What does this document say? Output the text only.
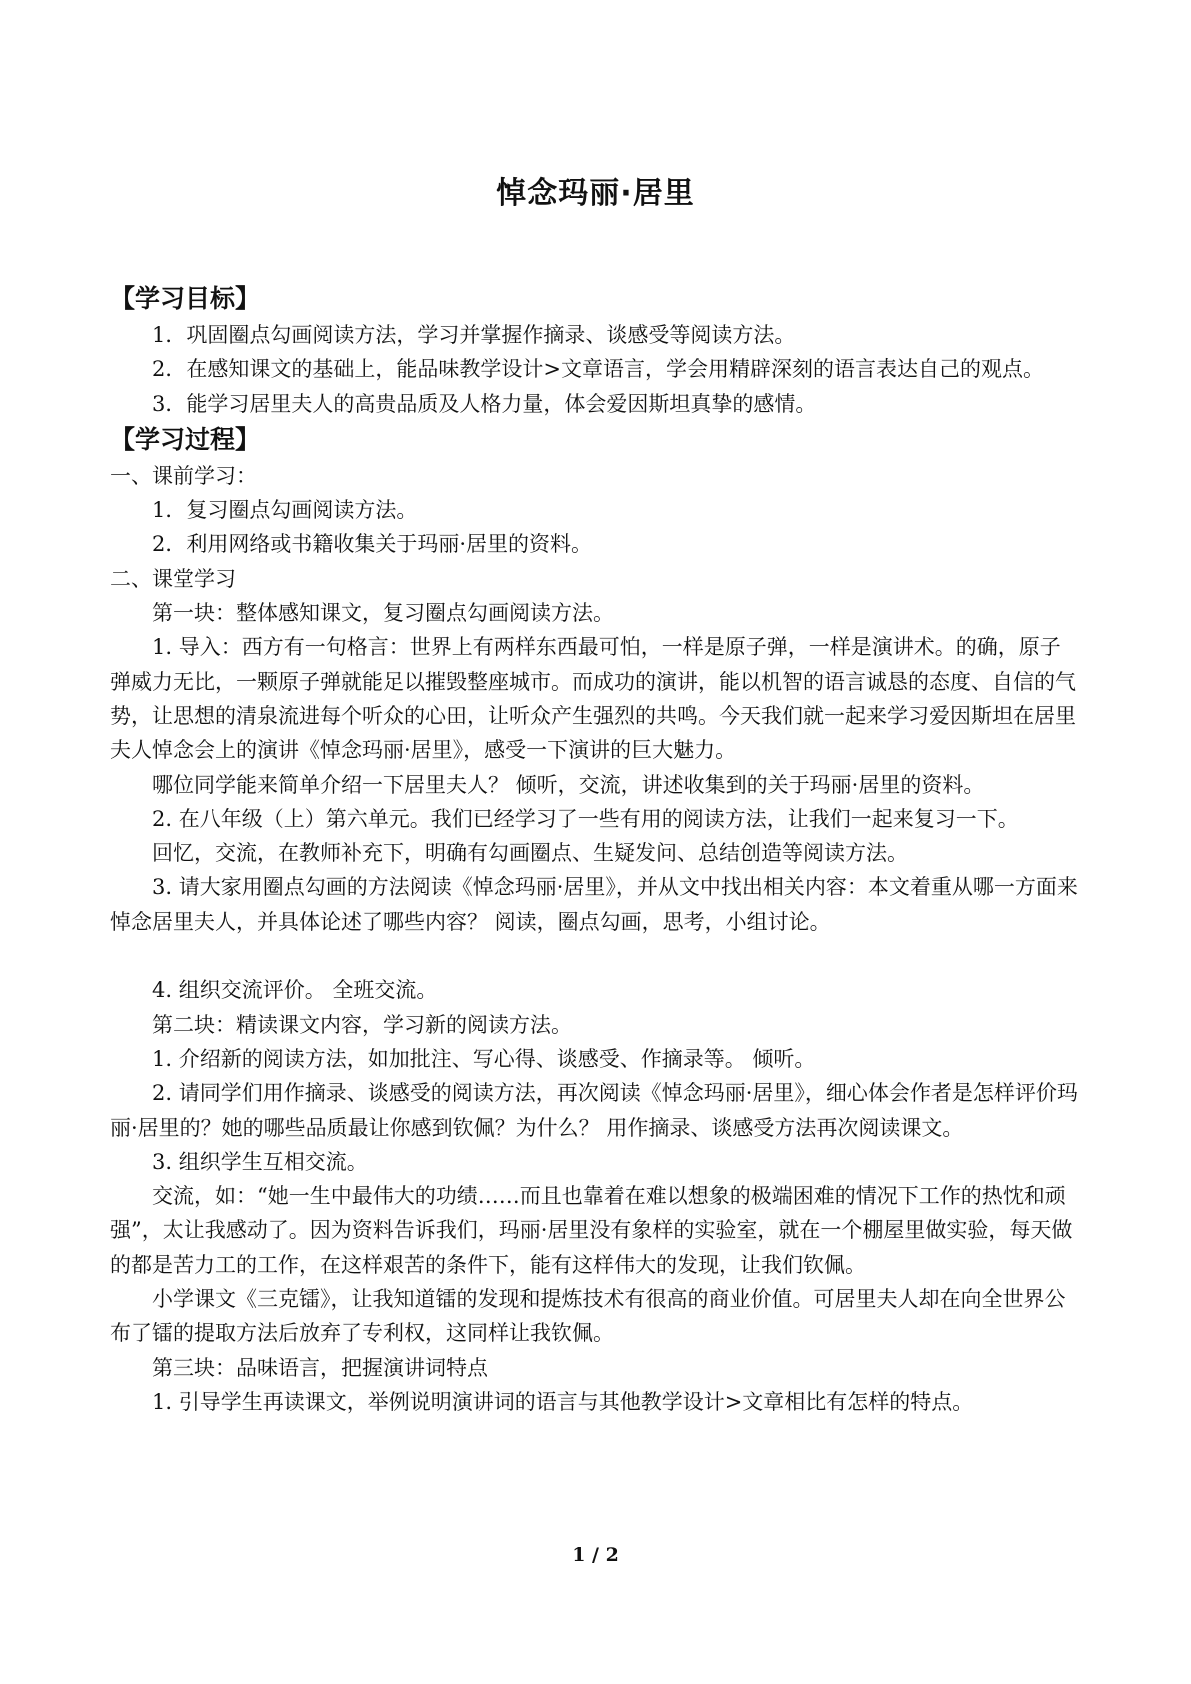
悼念玛丽·居里

【学习目标】

1．巩固圈点勾画阅读方法，学习并掌握作摘录、谈感受等阅读方法。

2．在感知课文的基础上，能品味教学设计>文章语言，学会用精辟深刻的语言表达自己的观点。

3．能学习居里夫人的高贵品质及人格力量，体会爱因斯坦真挚的感情。

【学习过程】

一、课前学习：

1．复习圈点勾画阅读方法。

2．利用网络或书籍收集关于玛丽·居里的资料。

二、课堂学习

第一块：整体感知课文，复习圈点勾画阅读方法。

1. 导入：西方有一句格言：世界上有两样东西最可怕，一样是原子弹，一样是演讲术。的确，原子弹威力无比，一颗原子弹就能足以摧毁整座城市。而成功的演讲，能以机智的语言诚恳的态度、自信的气势，让思想的清泉流进每个听众的心田，让听众产生强烈的共鸣。今天我们就一起来学习爱因斯坦在居里夫人悼念会上的演讲《悼念玛丽·居里》，感受一下演讲的巨大魅力。

哪位同学能来简单介绍一下居里夫人？ 倾听，交流，讲述收集到的关于玛丽·居里的资料。

2. 在八年级（上）第六单元。我们已经学习了一些有用的阅读方法，让我们一起来复习一下。

回忆，交流，在教师补充下，明确有勾画圈点、生疑发问、总结创造等阅读方法。

3. 请大家用圈点勾画的方法阅读《悼念玛丽·居里》，并从文中找出相关内容：本文着重从哪一方面来悼念居里夫人，并具体论述了哪些内容？ 阅读，圈点勾画，思考，小组讨论。

4. 组织交流评价。 全班交流。

第二块：精读课文内容，学习新的阅读方法。

1. 介绍新的阅读方法，如加批注、写心得、谈感受、作摘录等。 倾听。

2. 请同学们用作摘录、谈感受的阅读方法，再次阅读《悼念玛丽·居里》，细心体会作者是怎样评价玛丽·居里的？她的哪些品质最让你感到钦佩？为什么？ 用作摘录、谈感受方法再次阅读课文。

3. 组织学生互相交流。

交流，如：“她一生中最伟大的功绩……而且也靠着在难以想象的极端困难的情况下工作的热忱和顽强”，太让我感动了。因为资料告诉我们，玛丽·居里没有象样的实验室，就在一个棚屋里做实验，每天做的都是苦力工的工作，在这样艰苦的条件下，能有这样伟大的发现，让我们钦佩。

小学课文《三克镭》，让我知道镭的发现和提炼技术有很高的商业价值。可居里夫人却在向全世界公布了镭的提取方法后放弃了专利权，这同样让我钦佩。

第三块：品味语言，把握演讲词特点

1. 引导学生再读课文，举例说明演讲词的语言与其他教学设计>文章相比有怎样的特点。

1 / 2
